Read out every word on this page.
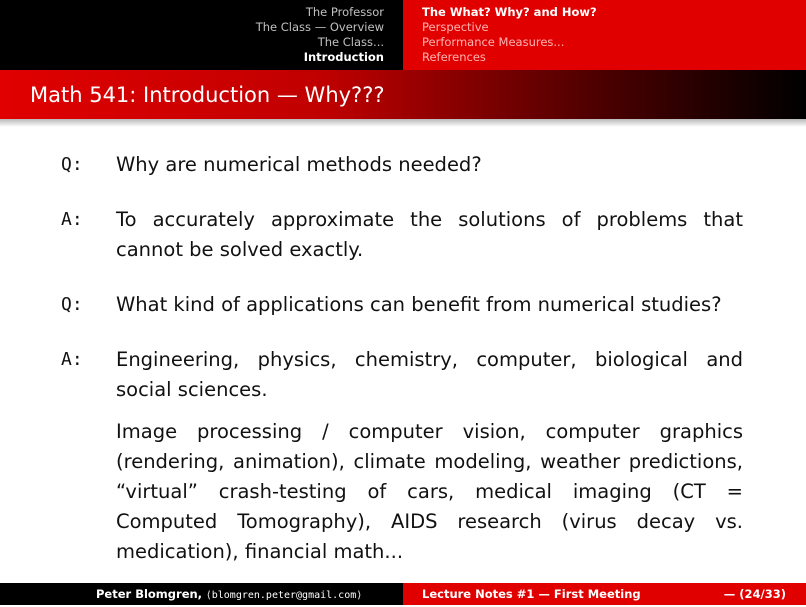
The Professor
The Class — Overview
The Class...
Introduction
The What? Why? and How?
Perspective
Performance Measures...
References
Math 541: Introduction — Why???
Q:	Why are numerical methods needed?
A:	To accurately approximate the solutions of problems that cannot be solved exactly.
Q:	What kind of applications can benefit from numerical studies?
A:	Engineering, physics, chemistry, computer, biological and social sciences.
Image processing / computer vision, computer graphics (rendering, animation), climate modeling, weather predictions, “virtual” crash-testing of cars, medical imaging (CT = Computed Tomography), AIDS research (virus decay vs. medication), financial math...
Peter Blomgren, ⟨blomgren.peter@gmail.com⟩	Lecture Notes #1 — First Meeting	— (24/33)
